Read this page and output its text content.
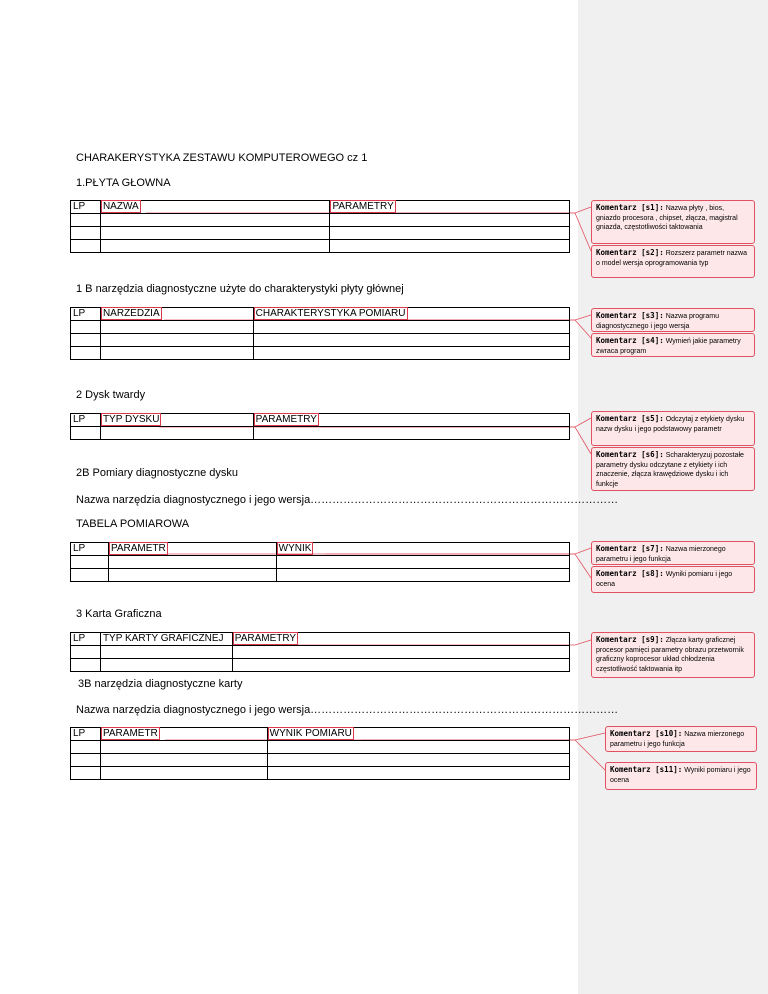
CHARAKERYSTYKA ZESTAWU KOMPUTEROWEGO cz 1
1.PŁYTA GŁOWNA
LP	NAZWA	PARAMETRY

1 B narzędzia diagnostyczne użyte do charakterystyki płyty głównej
LP	NARZEDZIA	CHARAKTERYSTYKA POMIARU

2 Dysk twardy
LP	TYP DYSKU	PARAMETRY

2B Pomiary diagnostyczne dysku
Nazwa narzędzia diagnostycznego i jego wersja…………………………………………………………………………
TABELA POMIAROWA
LP	PARAMETR	WYNIK

3 Karta Graficzna
LP	TYP KARTY GRAFICZNEJ	PARAMETRY

3B narzędzia diagnostyczne karty
Nazwa narzędzia diagnostycznego i jego wersja…………………………………………………………………………
LP	PARAMETR	WYNIK POMIARU

Komentarz [s1]: Nazwa płyty , bios, gniazdo procesora , chipset, złącza, magistral gniazda, częstotliwości taktowania
Komentarz [s2]: Rozszerz parametr nazwa o model wersja oprogramowania typ
Komentarz [s3]: Nazwa programu diagnostycznego i jego wersja
Komentarz [s4]: Wymień jakie parametry zwraca program
Komentarz [s5]: Odczytaj z etykiety dysku nazw dysku i jego podstawowy parametr
Komentarz [s6]: Scharakteryzuj pozostałe parametry dysku odczytane z etykiety i ich znaczenie, złącza krawędziowe dysku i ich funkcje
Komentarz [s7]: Nazwa mierzonego parametru i jego funkcja
Komentarz [s8]: Wyniki pomiaru i jego ocena
Komentarz [s9]: Złącza karty graficznej procesor pamięci parametry obrazu przetwornik graficzny koprocesor układ chłodzenia częstotliwość taktowania itp
Komentarz [s10]: Nazwa mierzonego parametru i jego funkcja
Komentarz [s11]: Wyniki pomiaru i jego ocena
